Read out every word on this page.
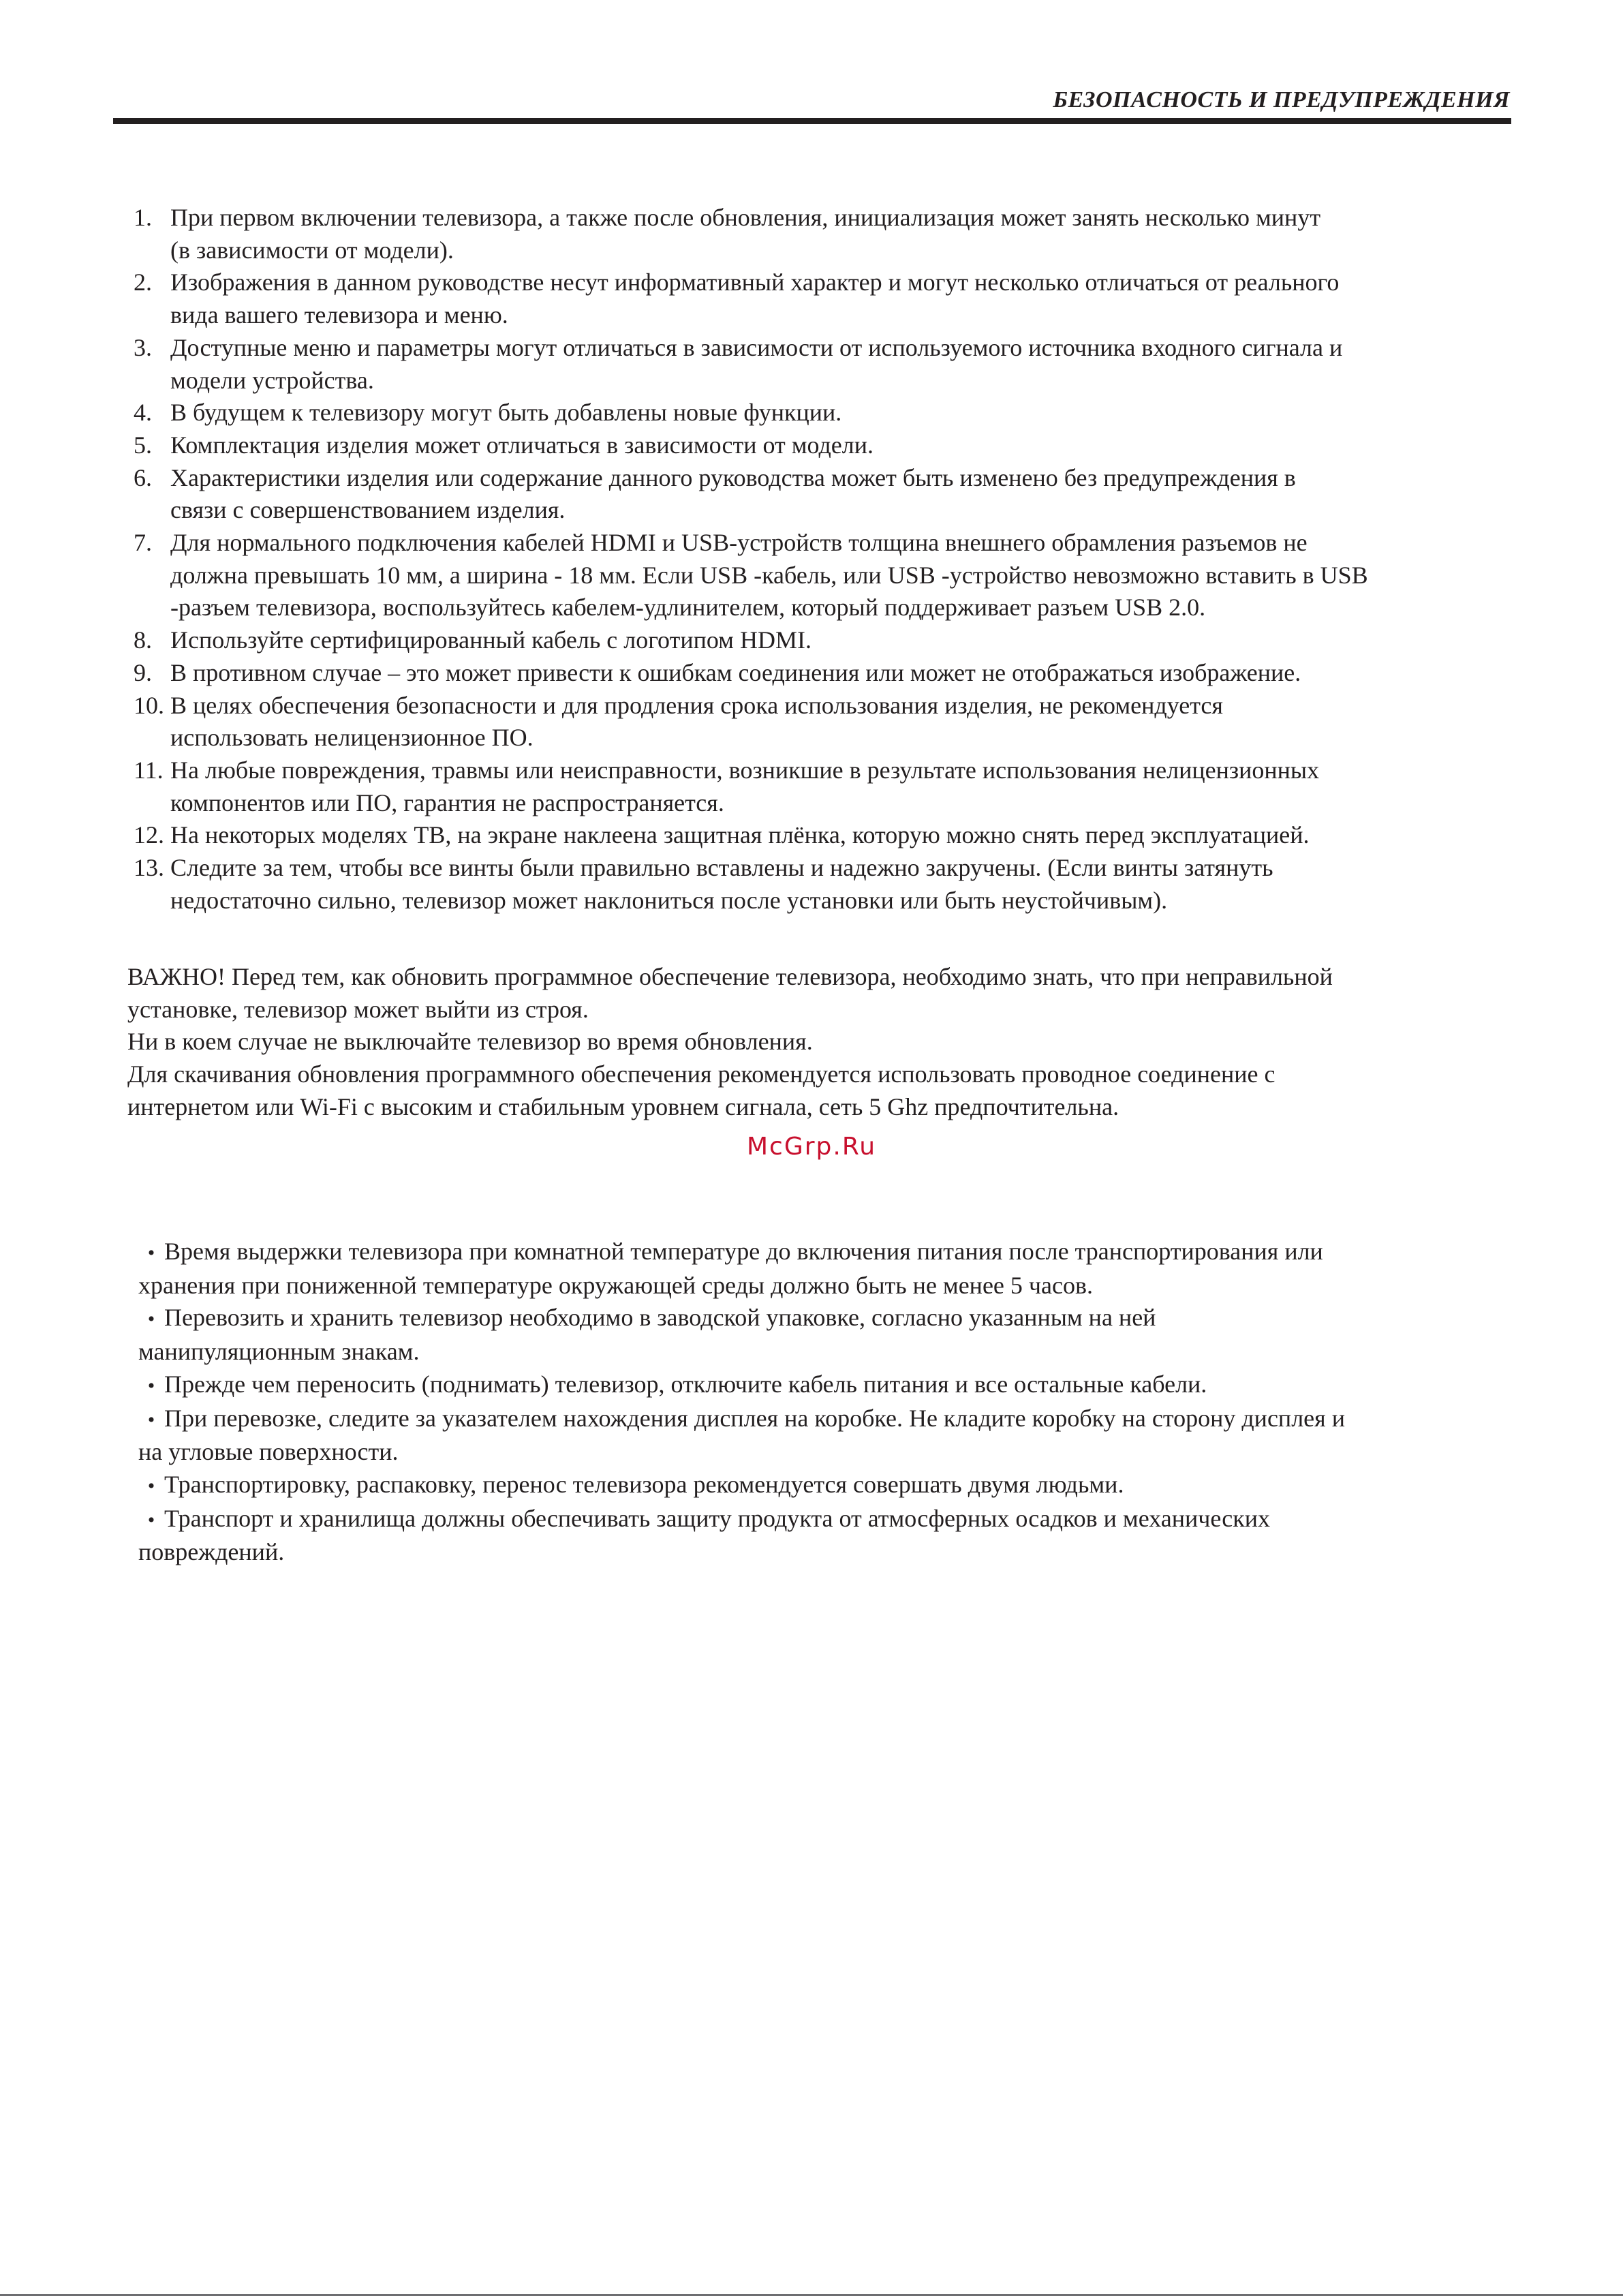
БЕЗОПАСНОСТЬ И ПРЕДУПРЕЖДЕНИЯ
1. При первом включении телевизора, а также после обновления, инициализация может занять несколько минут
(в зависимости от модели).
2. Изображения в данном руководстве несут информативный характер и могут несколько отличаться от реального
вида вашего телевизора и меню.
3. Доступные меню и параметры могут отличаться в зависимости от используемого источника входного сигнала и
модели устройства.
4. В будущем к телевизору могут быть добавлены новые функции.
5. Комплектация изделия может отличаться в зависимости от модели.
6. Характеристики изделия или содержание данного руководства может быть изменено без предупреждения в
связи с совершенствованием изделия.
7. Для нормального подключения кабелей HDMI и USB-устройств толщина внешнего обрамления разъемов не
должна превышать 10 мм, а ширина - 18 мм. Если USB -кабель, или USB -устройство невозможно вставить в USB
-разъем телевизора, воспользуйтесь кабелем-удлинителем, который поддерживает разъем USB 2.0.
8. Используйте сертифицированный кабель с логотипом HDMI.
9. В противном случае – это может привести к ошибкам соединения или может не отображаться изображение.
10. В целях обеспечения безопасности и для продления срока использования изделия, не рекомендуется
использовать нелицензионное ПО.
11. На любые повреждения, травмы или неисправности, возникшие в результате использования нелицензионных
компонентов или ПО, гарантия не распространяется.
12. На некоторых моделях ТВ, на экране наклеена защитная плёнка, которую можно снять перед эксплуатацией.
13. Следите за тем, чтобы все винты были правильно вставлены и надежно закручены. (Если винты затянуть
недостаточно сильно, телевизор может наклониться после установки или быть неустойчивым).

ВАЖНО! Перед тем, как обновить программное обеспечение телевизора, необходимо знать, что при неправильной

установке, телевизор может выйти из строя.

Ни в коем случае не выключайте телевизор во время обновления.

Для скачивания обновления программного обеспечения рекомендуется использовать проводное соединение с

интернетом или Wi-Fi с высоким и стабильным уровнем сигнала, сеть 5 Ghz предпочтительна.

McGrp.Ru
• Время выдержки телевизора при комнатной температуре до включения питания после транспортирования или
хранения при пониженной температуре окружающей среды должно быть не менее 5 часов.
• Перевозить и хранить телевизор необходимо в заводской упаковке, согласно указанным на ней
манипуляционным знакам.
• Прежде чем переносить (поднимать) телевизор, отключите кабель питания и все остальные кабели.
• При перевозке, следите за указателем нахождения дисплея на коробке. Не кладите коробку на сторону дисплея и
на угловые поверхности.
• Транспортировку, распаковку, перенос телевизора рекомендуется совершать двумя людьми.
• Транспорт и хранилища должны обеспечивать защиту продукта от атмосферных осадков и механических
повреждений.
